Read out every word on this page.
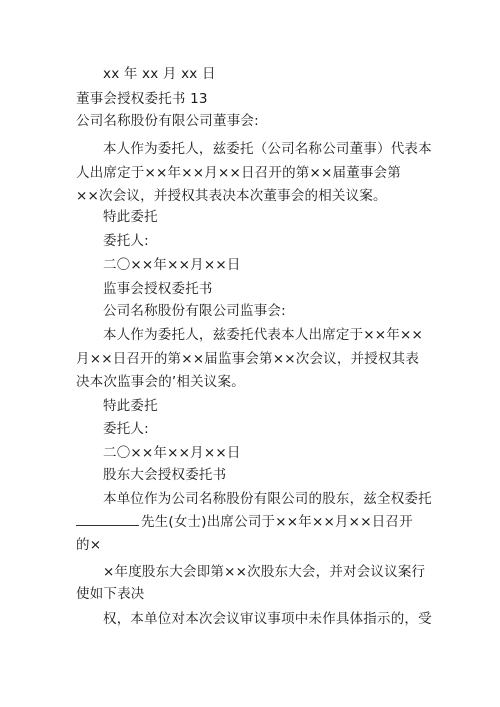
xx 年 xx 月 xx 日
董事会授权委托书 13
公司名称股份有限公司董事会:
本人作为委托人，兹委托（公司名称公司董事）代表本
人出席定于××年××月××日召开的第××届董事会第
××次会议，并授权其表决本次董事会的相关议案。
特此委托
委托人:
二〇××年××月××日
监事会授权委托书
公司名称股份有限公司监事会:
本人作为委托人，兹委托代表本人出席定于××年××
月××日召开的第××届监事会第××次会议，并授权其表
决本次监事会的’相关议案。
特此委托
委托人:
二〇××年××月××日
股东大会授权委托书
本单位作为公司名称股份有限公司的股东，兹全权委托
先生(女士)出席公司于××年××月××日召开
的×
×年度股东大会即第××次股东大会，并对会议议案行
使如下表决
权，本单位对本次会议审议事项中未作具体指示的，受
